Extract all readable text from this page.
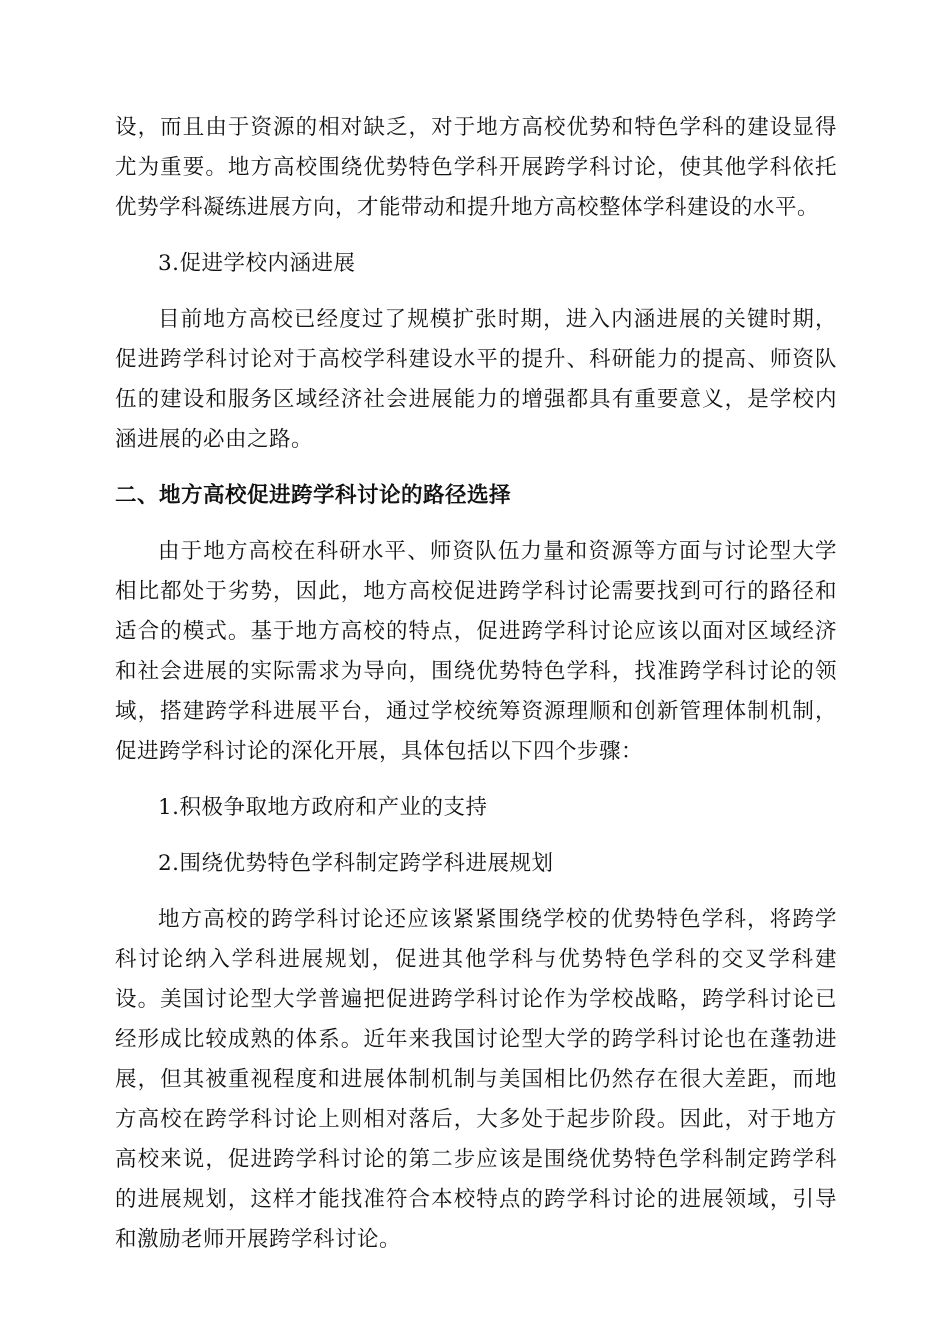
设，而且由于资源的相对缺乏，对于地方高校优势和特色学科的建设显得尤为重要。地方高校围绕优势特色学科开展跨学科讨论，使其他学科依托优势学科凝练进展方向，才能带动和提升地方高校整体学科建设的水平。

3.促进学校内涵进展

目前地方高校已经度过了规模扩张时期，进入内涵进展的关键时期，促进跨学科讨论对于高校学科建设水平的提升、科研能力的提高、师资队伍的建设和服务区域经济社会进展能力的增强都具有重要意义，是学校内涵进展的必由之路。

二、地方高校促进跨学科讨论的路径选择

由于地方高校在科研水平、师资队伍力量和资源等方面与讨论型大学相比都处于劣势，因此，地方高校促进跨学科讨论需要找到可行的路径和适合的模式。基于地方高校的特点，促进跨学科讨论应该以面对区域经济和社会进展的实际需求为导向，围绕优势特色学科，找准跨学科讨论的领域，搭建跨学科进展平台，通过学校统筹资源理顺和创新管理体制机制，促进跨学科讨论的深化开展，具体包括以下四个步骤：

1.积极争取地方政府和产业的支持

2.围绕优势特色学科制定跨学科进展规划

地方高校的跨学科讨论还应该紧紧围绕学校的优势特色学科，将跨学科讨论纳入学科进展规划，促进其他学科与优势特色学科的交叉学科建设。美国讨论型大学普遍把促进跨学科讨论作为学校战略，跨学科讨论已经形成比较成熟的体系。近年来我国讨论型大学的跨学科讨论也在蓬勃进展，但其被重视程度和进展体制机制与美国相比仍然存在很大差距，而地方高校在跨学科讨论上则相对落后，大多处于起步阶段。因此，对于地方高校来说，促进跨学科讨论的第二步应该是围绕优势特色学科制定跨学科的进展规划，这样才能找准符合本校特点的跨学科讨论的进展领域，引导和激励老师开展跨学科讨论。
